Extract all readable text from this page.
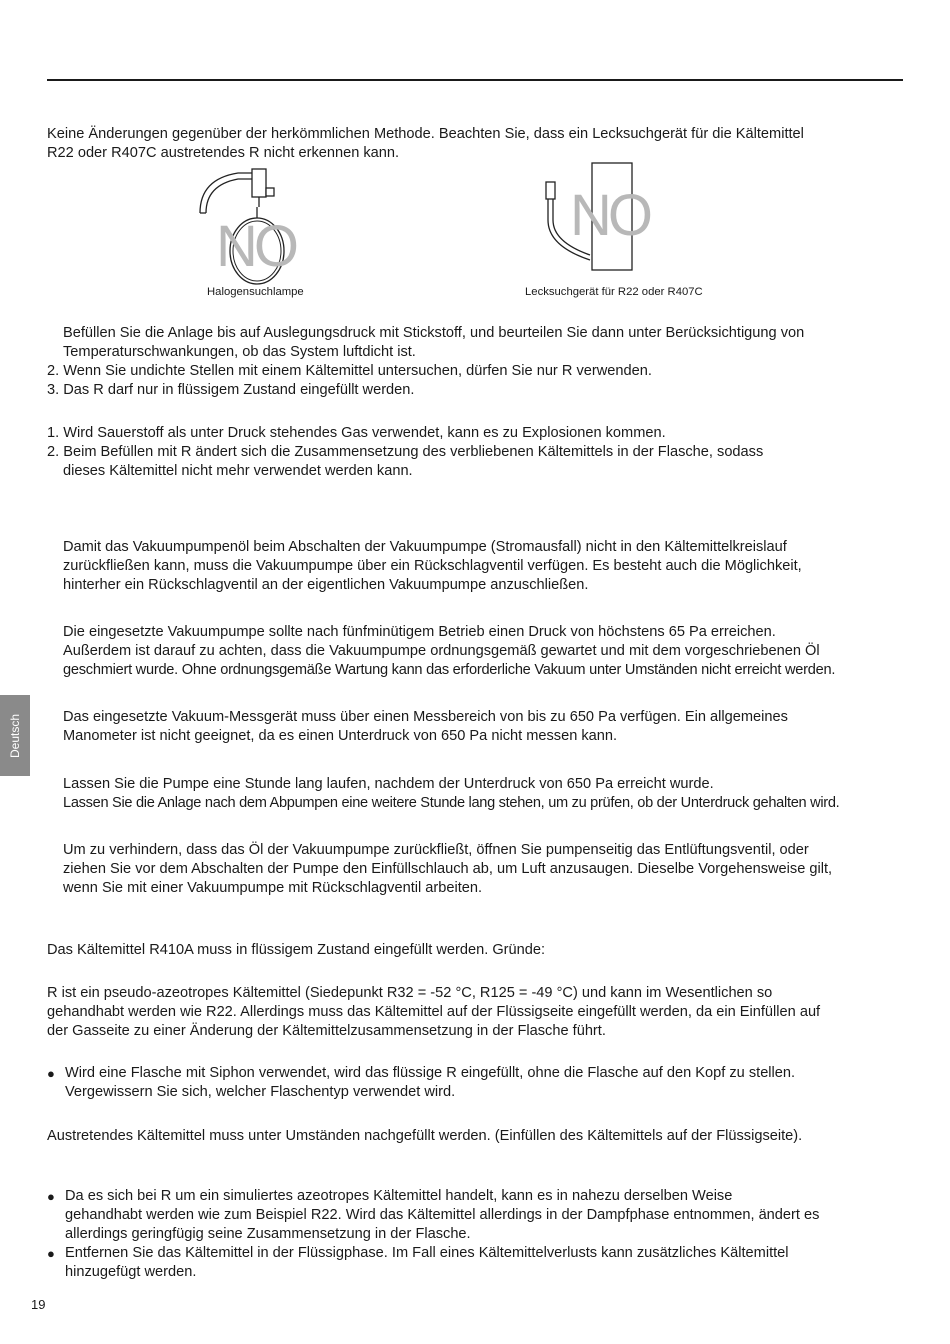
Keine Änderungen gegenüber der herkömmlichen Methode. Beachten Sie, dass ein Lecksuchgerät für die Kältemittel
R22 oder R407C austretendes R nicht erkennen kann.
NO
Halogensuchlampe
NO
Lecksuchgerät für R22 oder R407C
Befüllen Sie die Anlage bis auf Auslegungsdruck mit Stickstoff, und beurteilen Sie dann unter Berücksichtigung von
Temperaturschwankungen, ob das System luftdicht ist.
2. Wenn Sie undichte Stellen mit einem Kältemittel untersuchen, dürfen Sie nur R verwenden.
3. Das R darf nur in flüssigem Zustand eingefüllt werden.
1. Wird Sauerstoff als unter Druck stehendes Gas verwendet, kann es zu Explosionen kommen.
2. Beim Befüllen mit R ändert sich die Zusammensetzung des verbliebenen Kältemittels in der Flasche, sodass
dieses Kältemittel nicht mehr verwendet werden kann.
Damit das Vakuumpumpenöl beim Abschalten der Vakuumpumpe (Stromausfall) nicht in den Kältemittelkreislauf
zurückfließen kann, muss die Vakuumpumpe über ein Rückschlagventil verfügen. Es besteht auch die Möglichkeit,
hinterher ein Rückschlagventil an der eigentlichen Vakuumpumpe anzuschließen.
Die eingesetzte Vakuumpumpe sollte nach fünfminütigem Betrieb einen Druck von höchstens 65 Pa erreichen.
Außerdem ist darauf zu achten, dass die Vakuumpumpe ordnungsgemäß gewartet und mit dem vorgeschriebenen Öl
geschmiert wurde. Ohne ordnungsgemäße Wartung kann das erforderliche Vakuum unter Umständen nicht erreicht werden.
Das eingesetzte Vakuum-Messgerät muss über einen Messbereich von bis zu 650 Pa verfügen. Ein allgemeines
Manometer ist nicht geeignet, da es einen Unterdruck von 650 Pa nicht messen kann.
Lassen Sie die Pumpe eine Stunde lang laufen, nachdem der Unterdruck von 650 Pa erreicht wurde.
Lassen Sie die Anlage nach dem Abpumpen eine weitere Stunde lang stehen, um zu prüfen, ob der Unterdruck gehalten wird.
Um zu verhindern, dass das Öl der Vakuumpumpe zurückfließt, öffnen Sie pumpenseitig das Entlüftungsventil, oder
ziehen Sie vor dem Abschalten der Pumpe den Einfüllschlauch ab, um Luft anzusaugen. Dieselbe Vorgehensweise gilt,
wenn Sie mit einer Vakuumpumpe mit Rückschlagventil arbeiten.
Das Kältemittel R410A muss in flüssigem Zustand eingefüllt werden. Gründe:
R ist ein pseudo-azeotropes Kältemittel (Siedepunkt R32 = -52 °C, R125 = -49 °C) und kann im Wesentlichen so
gehandhabt werden wie R22. Allerdings muss das Kältemittel auf der Flüssigseite eingefüllt werden, da ein Einfüllen auf
der Gasseite zu einer Änderung der Kältemittelzusammensetzung in der Flasche führt.
● Wird eine Flasche mit Siphon verwendet, wird das flüssige R eingefüllt, ohne die Flasche auf den Kopf zu stellen.
Vergewissern Sie sich, welcher Flaschentyp verwendet wird.
Austretendes Kältemittel muss unter Umständen nachgefüllt werden. (Einfüllen des Kältemittels auf der Flüssigseite).
● Da es sich bei R um ein simuliertes azeotropes Kältemittel handelt, kann es in nahezu derselben Weise
gehandhabt werden wie zum Beispiel R22. Wird das Kältemittel allerdings in der Dampfphase entnommen, ändert es
allerdings geringfügig seine Zusammensetzung in der Flasche.
● Entfernen Sie das Kältemittel in der Flüssigphase. Im Fall eines Kältemittelverlusts kann zusätzliches Kältemittel
hinzugefügt werden.
Deutsch
19
